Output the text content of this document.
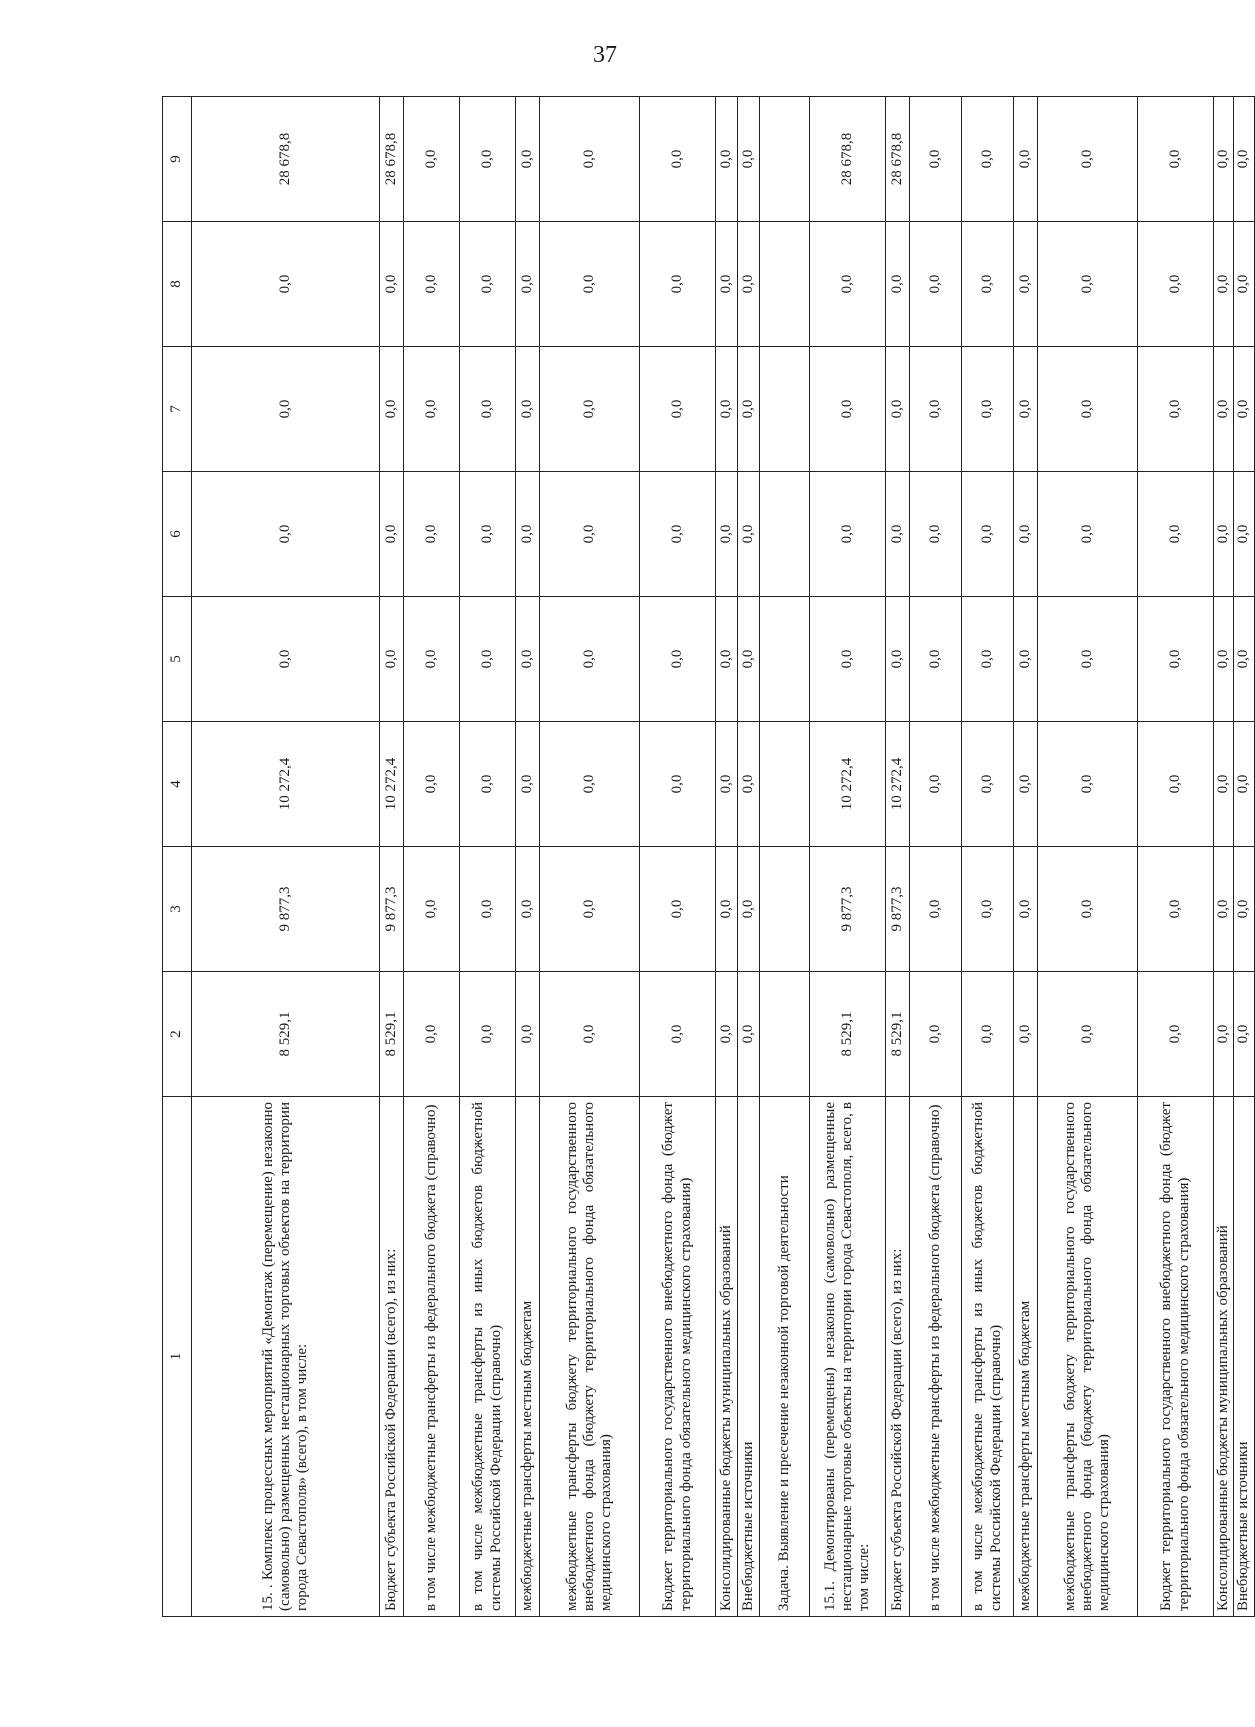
37
1	2	3	4	5	6	7	8	9
15. . Комплекс процессных мероприятий «Демонтаж (перемещение) незаконно (самовольно) размещенных нестационарных торговых объектов на территории города Севастополя» (всего), в том числе:	8 529,1	9 877,3	10 272,4	0,0	0,0	0,0	0,0	28 678,8
Бюджет субъекта Российской Федерации (всего), из них:	8 529,1	9 877,3	10 272,4	0,0	0,0	0,0	0,0	28 678,8
в том числе межбюджетные трансферты из федерального бюджета (справочно)	0,0	0,0	0,0	0,0	0,0	0,0	0,0	0,0
в том числе межбюджетные трансферты из иных бюджетов бюджетной системы Российской Федерации (справочно)	0,0	0,0	0,0	0,0	0,0	0,0	0,0	0,0
межбюджетные трансферты местным бюджетам	0,0	0,0	0,0	0,0	0,0	0,0	0,0	0,0
межбюджетные трансферты бюджету территориального государственного внебюджетного фонда (бюджету территориального фонда обязательного медицинского страхования)	0,0	0,0	0,0	0,0	0,0	0,0	0,0	0,0
Бюджет территориального государственного внебюджетного фонда (бюджет территориального фонда обязательного медицинского страхования)	0,0	0,0	0,0	0,0	0,0	0,0	0,0	0,0
Консолидированные бюджеты муниципальных образований	0,0	0,0	0,0	0,0	0,0	0,0	0,0	0,0
Внебюджетные источники	0,0	0,0	0,0	0,0	0,0	0,0	0,0	0,0
Задача. Выявление и пресечение незаконной торговой деятельности								
15.1. Демонтированы (перемещены) незаконно (самовольно) размещенные нестационарные торговые объекты на территории города Севастополя, всего, в том числе:	8 529,1	9 877,3	10 272,4	0,0	0,0	0,0	0,0	28 678,8
Бюджет субъекта Российской Федерации (всего), из них:	8 529,1	9 877,3	10 272,4	0,0	0,0	0,0	0,0	28 678,8
в том числе межбюджетные трансферты из федерального бюджета (справочно)	0,0	0,0	0,0	0,0	0,0	0,0	0,0	0,0
в том числе межбюджетные трансферты из иных бюджетов бюджетной системы Российской Федерации (справочно)	0,0	0,0	0,0	0,0	0,0	0,0	0,0	0,0
межбюджетные трансферты местным бюджетам	0,0	0,0	0,0	0,0	0,0	0,0	0,0	0,0
межбюджетные трансферты бюджету территориального государственного внебюджетного фонда (бюджету территориального фонда обязательного медицинского страхования)	0,0	0,0	0,0	0,0	0,0	0,0	0,0	0,0
Бюджет территориального государственного внебюджетного фонда (бюджет территориального фонда обязательного медицинского страхования)	0,0	0,0	0,0	0,0	0,0	0,0	0,0	0,0
Консолидированные бюджеты муниципальных образований	0,0	0,0	0,0	0,0	0,0	0,0	0,0	0,0
Внебюджетные источники	0,0	0,0	0,0	0,0	0,0	0,0	0,0	0,0
